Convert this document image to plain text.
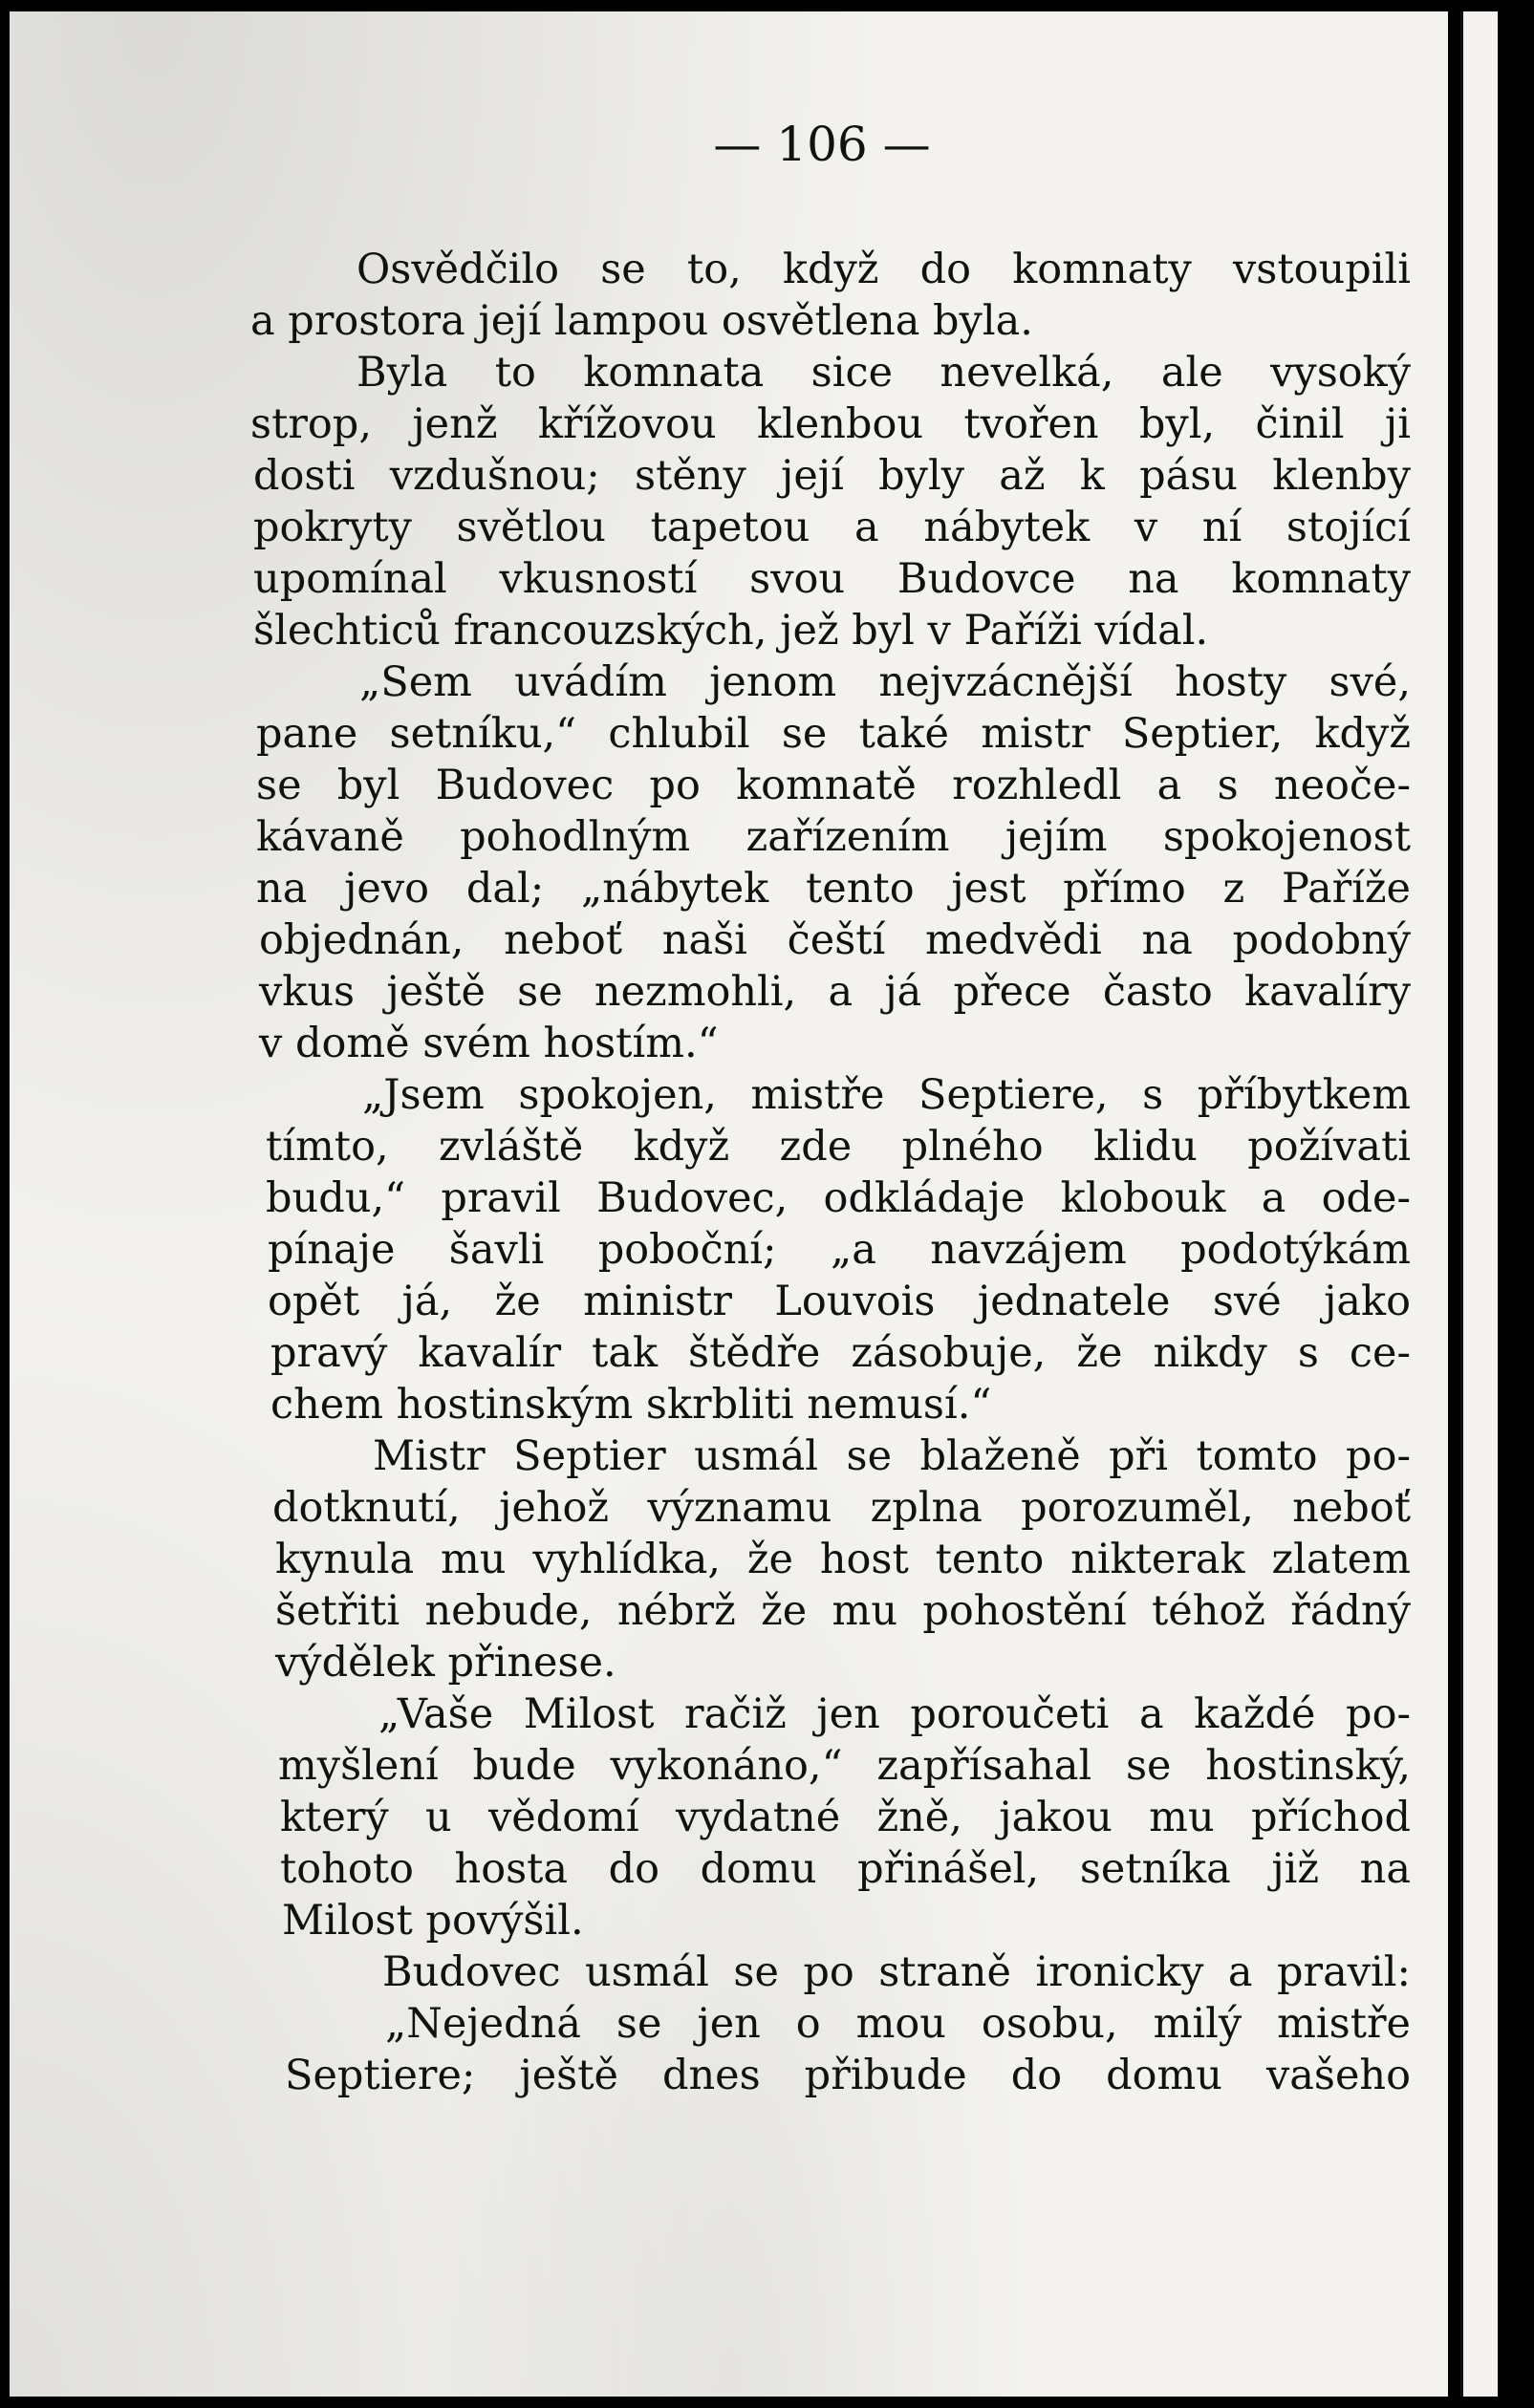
— 106 —
Osvědčilo se to, když do komnaty vstoupili
a prostora její lampou osvětlena byla.
Byla to komnata sice nevelká, ale vysoký
strop, jenž křížovou klenbou tvořen byl, činil ji
dosti vzdušnou; stěny její byly až k pásu klenby
pokryty světlou tapetou a nábytek v ní stojící
upomínal vkusností svou Budovce na komnaty
šlechticů francouzských, jež byl v Paříži vídal.
„Sem uvádím jenom nejvzácnější hosty své,
pane setníku,“ chlubil se také mistr Septier, když
se byl Budovec po komnatě rozhledl a s neoče-
kávaně pohodlným zařízením jejím spokojenost
na jevo dal; „nábytek tento jest přímo z Paříže
objednán, neboť naši čeští medvědi na podobný
vkus ještě se nezmohli, a já přece často kavalíry
v domě svém hostím.“
„Jsem spokojen, mistře Septiere, s příbytkem
tímto, zvláště když zde plného klidu požívati
budu,“ pravil Budovec, odkládaje klobouk a ode-
pínaje šavli poboční; „a navzájem podotýkám
opět já, že ministr Louvois jednatele své jako
pravý kavalír tak štědře zásobuje, že nikdy s ce-
chem hostinským skrbliti nemusí.“
Mistr Septier usmál se blaženě při tomto po-
dotknutí, jehož významu zplna porozuměl, neboť
kynula mu vyhlídka, že host tento nikterak zlatem
šetřiti nebude, nébrž že mu pohostění téhož řádný
výdělek přinese.
„Vaše Milost račiž jen poroučeti a každé po-
myšlení bude vykonáno,“ zapřísahal se hostinský,
který u vědomí vydatné žně, jakou mu příchod
tohoto hosta do domu přinášel, setníka již na
Milost povýšil.
Budovec usmál se po straně ironicky a pravil:
„Nejedná se jen o mou osobu, milý mistře
Septiere; ještě dnes přibude do domu vašeho
